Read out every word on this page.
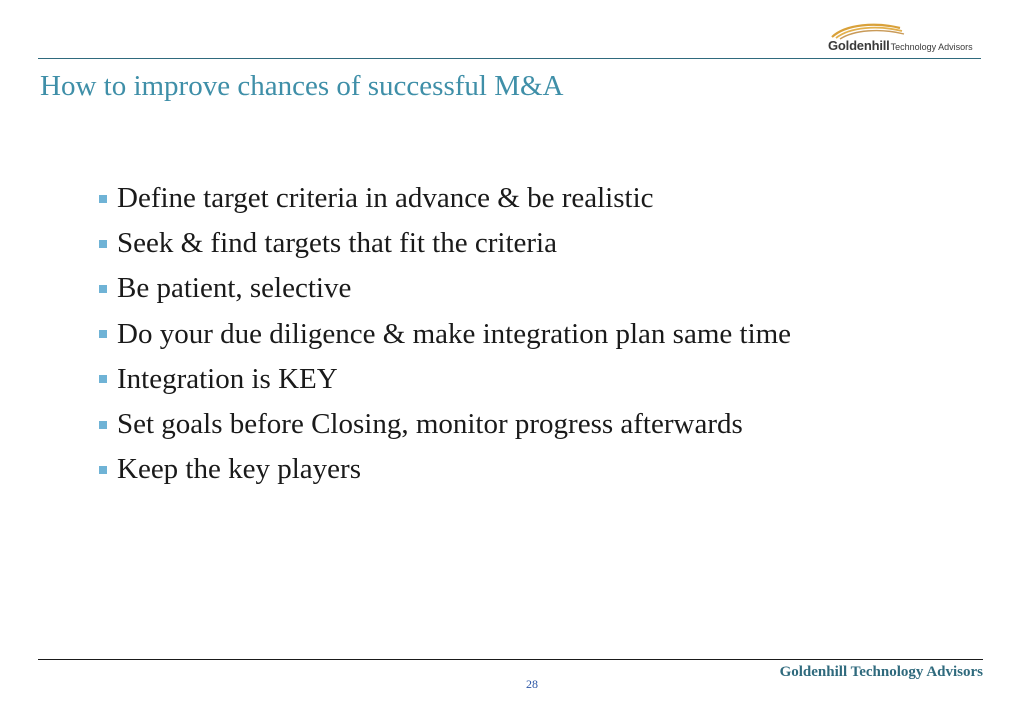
GoldenhillTechnology Advisors
How to improve chances of successful M&A
Define target criteria in advance & be realistic
Seek & find targets that fit the criteria
Be patient, selective
Do your due diligence & make integration plan same time
Integration is KEY
Set goals before Closing, monitor progress afterwards
Keep the key players
28
Goldenhill Technology Advisors
